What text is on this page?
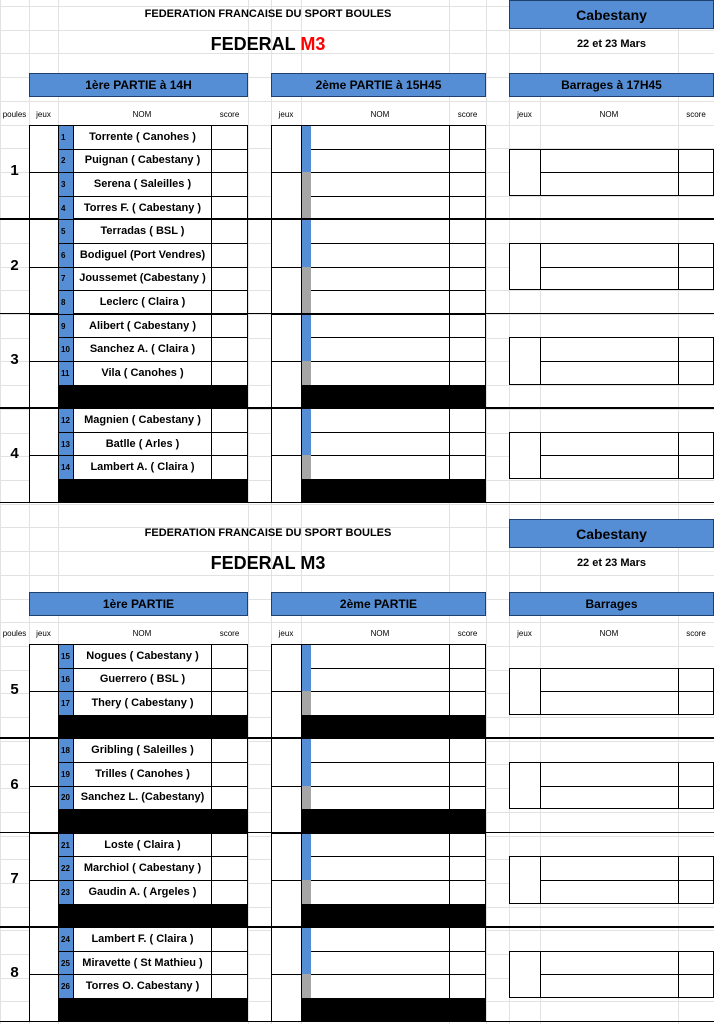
FEDERATION FRANCAISE DU SPORT BOULES	Cabestany
FEDERAL M3	22 et 23 Mars
1ère PARTIE à 14H	2ème PARTIE à 15H45	Barrages à 17H45
poules	jeux	NOM	score	jeux	NOM	score	jeux	NOM	score
1
1	Torrente ( Canohes )
2	Puignan ( Cabestany )
3	Serena ( Saleilles )
4	Torres F. ( Cabestany )
2
5	Terradas ( BSL )
6	Bodiguel (Port Vendres)
7	Joussemet (Cabestany )
8	Leclerc ( Claira )
3
9	Alibert ( Cabestany )
10	Sanchez A. ( Claira )
11	Vila ( Canohes )
4
12	Magnien ( Cabestany )
13	Batlle ( Arles )
14	Lambert A. ( Claira )
FEDERATION FRANCAISE DU SPORT BOULES	Cabestany
FEDERAL M3	22 et 23 Mars
1ère PARTIE	2ème PARTIE	Barrages
poules	jeux	NOM	score	jeux	NOM	score	jeux	NOM	score
5
15	Nogues ( Cabestany )
16	Guerrero ( BSL )
17	Thery ( Cabestany )
6
18	Gribling ( Saleilles )
19	Trilles ( Canohes )
20 Sanchez L. (Cabestany)
7
21	Loste ( Claira )
22	Marchiol ( Cabestany )
23	Gaudin A. ( Argeles )
8
24	Lambert F. ( Claira )
25	Miravette ( St Mathieu )
26	Torres O. Cabestany )
